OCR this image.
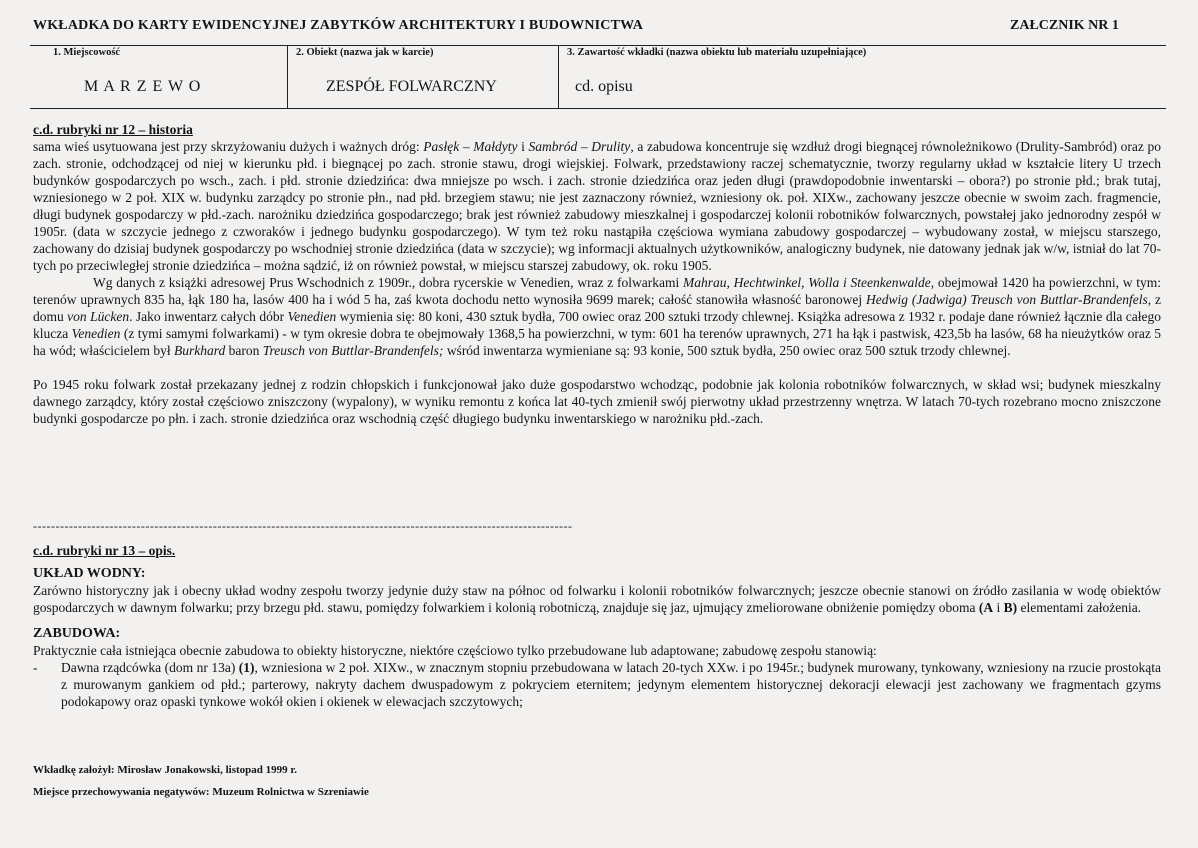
WKŁADKA DO KARTY EWIDENCYJNEJ ZABYTKÓW ARCHITEKTURY I BUDOWNICTWA	ZAŁCZNIK NR 1
1. Miejscowość
M A R Z E W O
2. Obiekt (nazwa jak w karcie)
ZESPÓŁ FOLWARCZNY
3. Zawartość wkładki (nazwa obiektu lub materiału uzupełniające)
cd. opisu
c.d. rubryki nr 12 – historia

sama wieś usytuowana jest przy skrzyżowaniu dużych i ważnych dróg: Pasłęk – Małdyty i Sambród – Drulity, a zabudowa koncentruje się wzdłuż drogi biegnącej równoleżnikowo (Drulity-Sambród) oraz po zach. stronie, odchodzącej od niej w kierunku płd. i biegnącej po zach. stronie stawu, drogi wiejskiej. Folwark, przedstawiony raczej schematycznie, tworzy regularny układ w kształcie litery U trzech budynków gospodarczych po wsch., zach. i płd. stronie dziedzińca: dwa mniejsze po wsch. i zach. stronie dziedzińca oraz jeden długi (prawdopodobnie inwentarski – obora?) po stronie płd.; brak tutaj, wzniesionego w 2 poł. XIX w. budynku zarządcy po stronie płn., nad płd. brzegiem stawu; nie jest zaznaczony również, wzniesiony ok. poł. XIXw., zachowany jeszcze obecnie w swoim zach. fragmencie, długi budynek gospodarczy w płd.-zach. narożniku dziedzińca gospodarczego; brak jest również zabudowy mieszkalnej i gospodarczej kolonii robotników folwarcznych, powstałej jako jednorodny zespół w 1905r. (data w szczycie jednego z czworaków i jednego budynku gospodarczego). W tym też roku nastąpiła częściowa wymiana zabudowy gospodarczej – wybudowany został, w miejscu starszego, zachowany do dzisiaj budynek gospodarczy po wschodniej stronie dziedzińca (data w szczycie); wg informacji aktualnych użytkowników, analogiczny budynek, nie datowany jednak jak w/w, istniał do lat 70-tych po przeciwległej stronie dziedzińca – można sądzić, iż on również powstał, w miejscu starszej zabudowy, ok. roku 1905.

Wg danych z książki adresowej Prus Wschodnich z 1909r., dobra rycerskie w Venedien, wraz z folwarkami Mahrau, Hechtwinkel, Wolla i Steenkenwalde, obejmował 1420 ha powierzchni, w tym: terenów uprawnych 835 ha, łąk 180 ha, lasów 400 ha i wód 5 ha, zaś kwota dochodu netto wynosiła 9699 marek; całość stanowiła własność baronowej Hedwig (Jadwiga) Treusch von Buttlar-Brandenfels, z domu von Lücken. Jako inwentarz całych dóbr Venedien wymienia się: 80 koni, 430 sztuk bydła, 700 owiec oraz 200 sztuki trzody chlewnej. Książka adresowa z 1932 r. podaje dane również łącznie dla całego klucza Venedien (z tymi samymi folwarkami) - w tym okresie dobra te obejmowały 1368,5 ha powierzchni, w tym: 601 ha terenów uprawnych, 271 ha łąk i pastwisk, 423,5b ha lasów, 68 ha nieużytków oraz 5 ha wód; właścicielem był Burkhard baron Treusch von Buttlar-Brandenfels; wśród inwentarza wymieniane są: 93 konie, 500 sztuk bydła, 250 owiec oraz 500 sztuk trzody chlewnej.

Po 1945 roku folwark został przekazany jednej z rodzin chłopskich i funkcjonował jako duże gospodarstwo wchodząc, podobnie jak kolonia robotników folwarcznych, w skład wsi; budynek mieszkalny dawnego zarządcy, który został częściowo zniszczony (wypalony), w wyniku remontu z końca lat 40-tych zmienił swój pierwotny układ przestrzenny wnętrza. W latach 70-tych rozebrano mocno zniszczone budynki gospodarcze po płn. i zach. stronie dziedzińca oraz wschodnią część długiego budynku inwentarskiego w narożniku płd.-zach.

------------------------------------------------------------------------------------------------------------------------
c.d. rubryki nr 13 – opis.
UKŁAD WODNY:

Zarówno historyczny jak i obecny układ wodny zespołu tworzy jedynie duży staw na północ od folwarku i kolonii robotników folwarcznych; jeszcze obecnie stanowi on źródło zasilania w wodę obiektów gospodarczych w dawnym folwarku; przy brzegu płd. stawu, pomiędzy folwarkiem i kolonią robotniczą, znajduje się jaz, ujmujący zmeliorowane obniżenie pomiędzy oboma (A i B) elementami założenia.

ZABUDOWA:

Praktycznie cała istniejąca obecnie zabudowa to obiekty historyczne, niektóre częściowo tylko przebudowane lub adaptowane; zabudowę zespołu stanowią:

-	Dawna rządcówka (dom nr 13a) (1), wzniesiona w 2 poł. XIXw., w znacznym stopniu przebudowana w latach 20-tych XXw. i po 1945r.; budynek murowany, tynkowany, wzniesiony na rzucie prostokąta z murowanym gankiem od płd.; parterowy, nakryty dachem dwuspadowym z pokryciem eternitem; jedynym elementem historycznej dekoracji elewacji jest zachowany we fragmentach gzyms podokapowy oraz opaski tynkowe wokół okien i okienek w elewacjach szczytowych;
Wkładkę założył: Mirosław Jonakowski, listopad 1999 r.
Miejsce przechowywania negatywów: Muzeum Rolnictwa w Szreniawie
